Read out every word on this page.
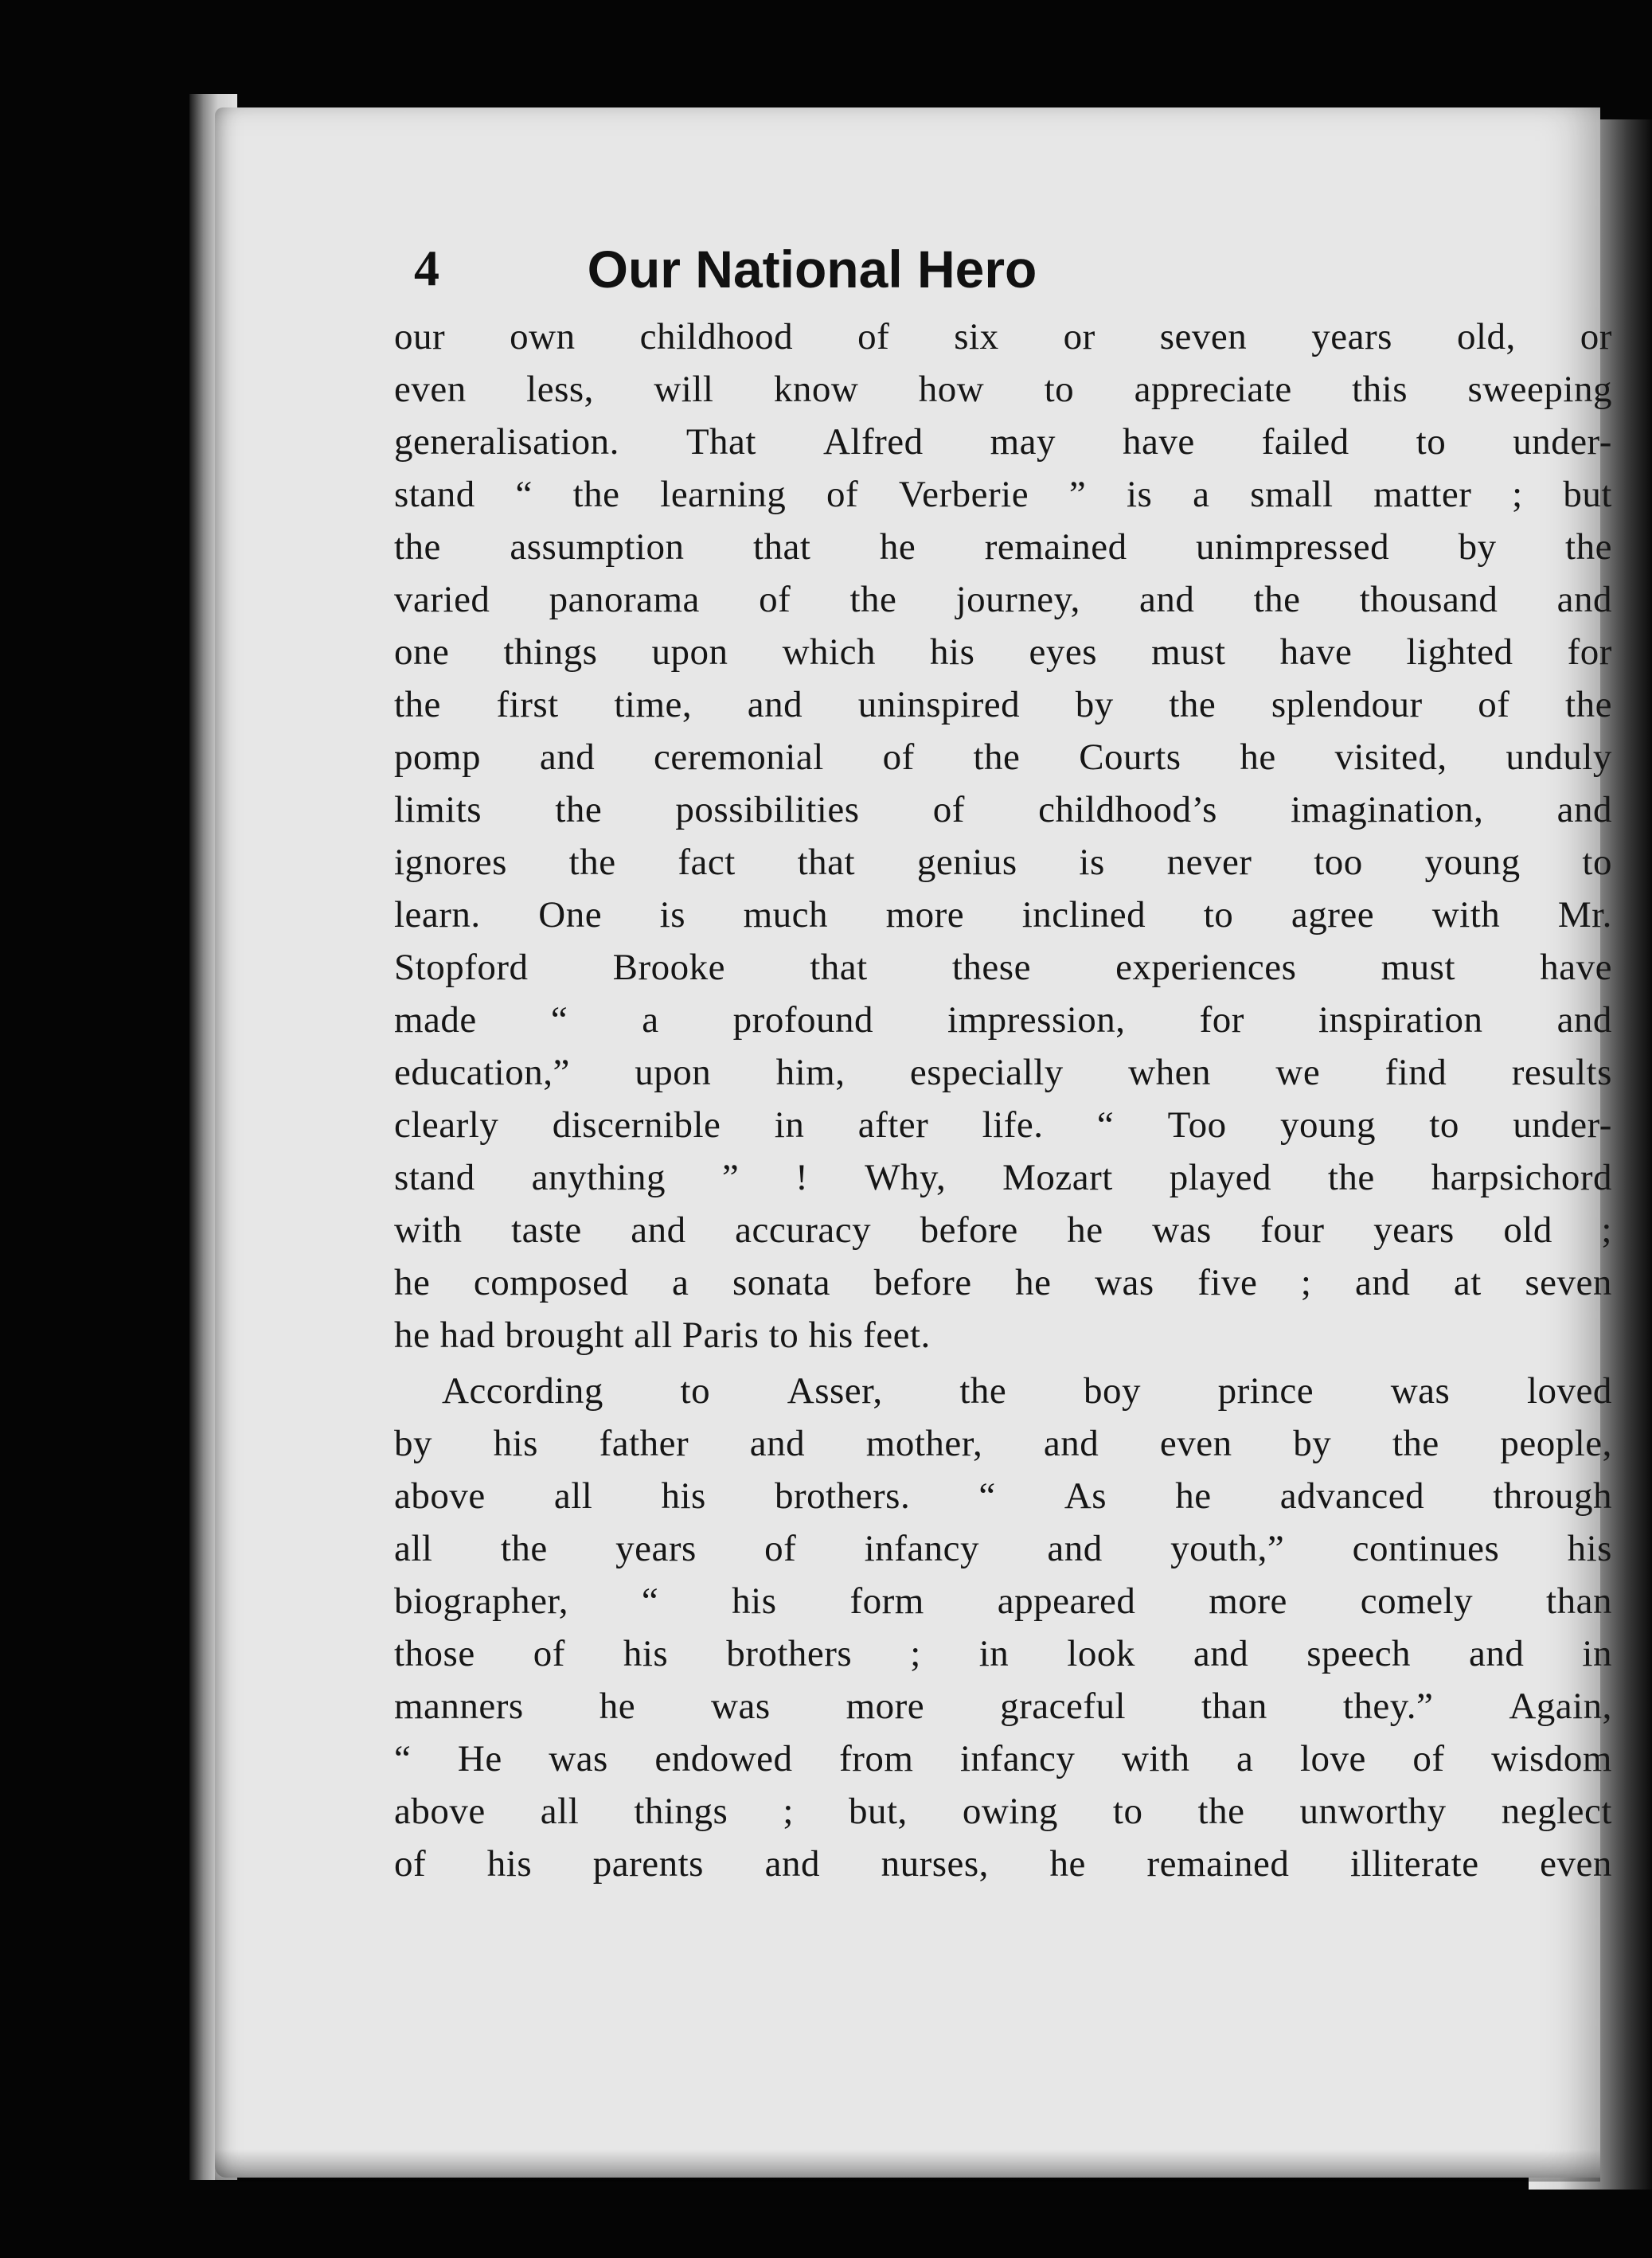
4	Our National Hero
our own childhood of six or seven years old, or
even less, will know how to appreciate this sweeping
generalisation. That Alfred may have failed to under-
stand “ the learning of Verberie ” is a small matter ; but
the assumption that he remained unimpressed by the
varied panorama of the journey, and the thousand and
one things upon which his eyes must have lighted for
the first time, and uninspired by the splendour of the
pomp and ceremonial of the Courts he visited, unduly
limits the possibilities of childhood’s imagination, and
ignores the fact that genius is never too young to
learn. One is much more inclined to agree with Mr.
Stopford Brooke that these experiences must have
made “ a profound impression, for inspiration and
education,” upon him, especially when we find results
clearly discernible in after life. “ Too young to under-
stand anything ” ! Why, Mozart played the harpsichord
with taste and accuracy before he was four years old ;
he composed a sonata before he was five ; and at seven
he had brought all Paris to his feet.
According to Asser, the boy prince was loved
by his father and mother, and even by the people,
above all his brothers. “ As he advanced through
all the years of infancy and youth,” continues his
biographer, “ his form appeared more comely than
those of his brothers ; in look and speech and in
manners he was more graceful than they.” Again,
“ He was endowed from infancy with a love of wisdom
above all things ; but, owing to the unworthy neglect
of his parents and nurses, he remained illiterate even
